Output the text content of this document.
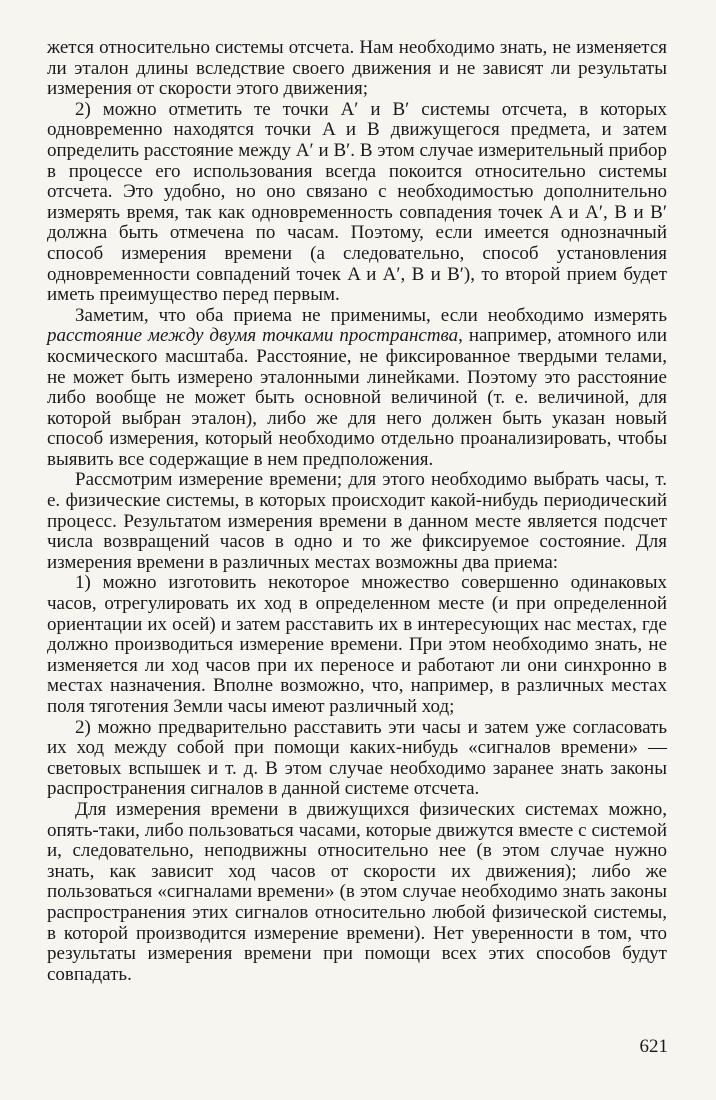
жется относительно системы отсчета. Нам необходимо знать, не изменяется ли эталон длины вследствие своего движения и не зависят ли результаты измерения от скорости этого движения;

2) можно отметить те точки A′ и B′ системы отсчета, в которых одновременно находятся точки A и B движущегося предмета, и затем определить расстояние между A′ и B′. В этом случае измерительный прибор в процессе его использования всегда покоится относительно системы отсчета. Это удобно, но оно связано с необходимостью дополнительно измерять время, так как одновременность совпадения точек A и A′, B и B′ должна быть отмечена по часам. Поэтому, если имеется однозначный способ измерения времени (а следовательно, способ установления одновременности совпадений точек A и A′, B и B′), то второй прием будет иметь преимущество перед первым.

Заметим, что оба приема не применимы, если необходимо измерять расстояние между двумя точками пространства, например, атомного или космического масштаба. Расстояние, не фиксированное твердыми телами, не может быть измерено эталонными линейками. Поэтому это расстояние либо вообще не может быть основной величиной (т. е. величиной, для которой выбран эталон), либо же для него должен быть указан новый способ измерения, который необходимо отдельно проанализировать, чтобы выявить все содержащие в нем предположения.

Рассмотрим измерение времени; для этого необходимо выбрать часы, т. е. физические системы, в которых происходит какой-нибудь периодический процесс. Результатом измерения времени в данном месте является подсчет числа возвращений часов в одно и то же фиксируемое состояние. Для измерения времени в различных местах возможны два приема:

1) можно изготовить некоторое множество совершенно одинаковых часов, отрегулировать их ход в определенном месте (и при определенной ориентации их осей) и затем расставить их в интересующих нас местах, где должно производиться измерение времени. При этом необходимо знать, не изменяется ли ход часов при их переносе и работают ли они синхронно в местах назначения. Вполне возможно, что, например, в различных местах поля тяготения Земли часы имеют различный ход;

2) можно предварительно расставить эти часы и затем уже согласовать их ход между собой при помощи каких-нибудь «сигналов времени» — световых вспышек и т. д. В этом случае необходимо заранее знать законы распространения сигналов в данной системе отсчета.

Для измерения времени в движущихся физических системах можно, опять-таки, либо пользоваться часами, которые движутся вместе с системой и, следовательно, неподвижны относительно нее (в этом случае нужно знать, как зависит ход часов от скорости их движения); либо же пользоваться «сигналами времени» (в этом случае необходимо знать законы распространения этих сигналов относительно любой физической системы, в которой производится измерение времени). Нет уверенности в том, что результаты измерения времени при помощи всех этих способов будут совпадать.

621
